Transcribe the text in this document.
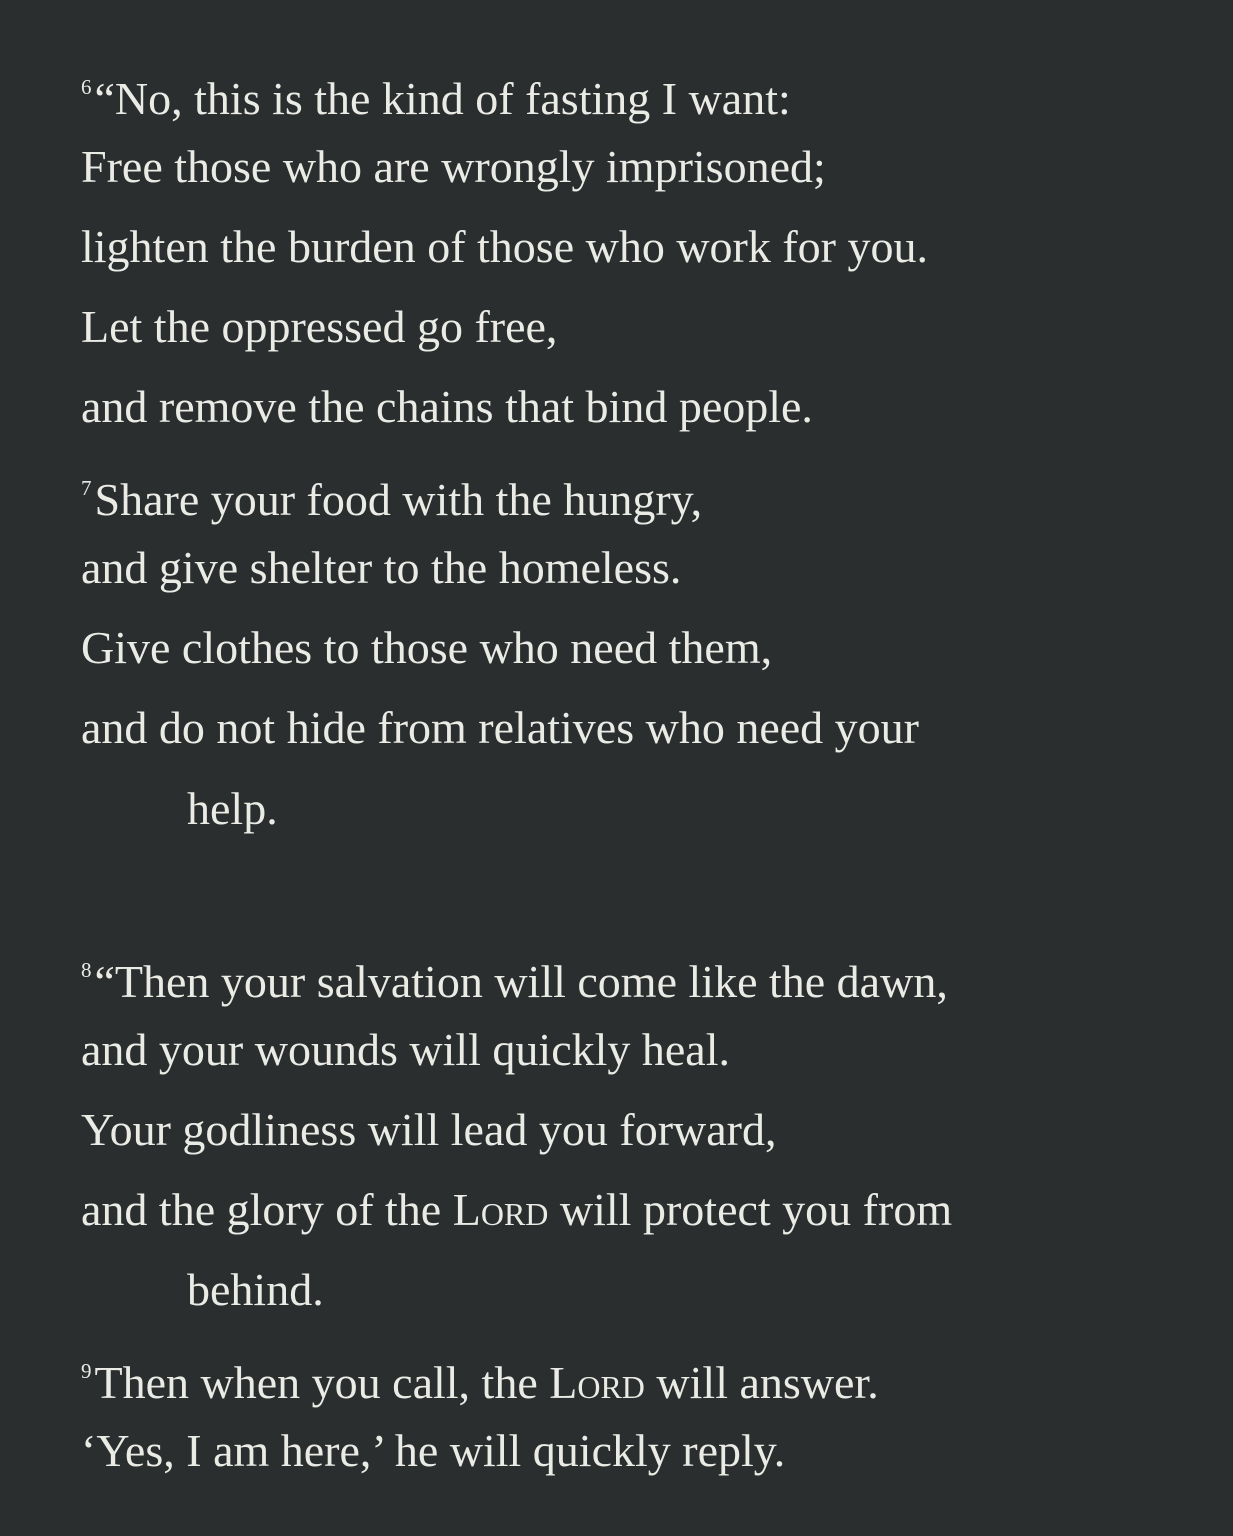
$^6$“No, this is the kind of fasting I want:
Free those who are wrongly imprisoned;
lighten the burden of those who work for you.
Let the oppressed go free,
and remove the chains that bind people.
$^7$Share your food with the hungry,
and give shelter to the homeless.
Give clothes to those who need them,
and do not hide from relatives who need your
help.
$^8$“Then your salvation will come like the dawn,
and your wounds will quickly heal.
Your godliness will lead you forward,
and the glory of the Lord will protect you from
behind.
$^9$Then when you call, the Lord will answer.
‘Yes, I am here,’ he will quickly reply.
